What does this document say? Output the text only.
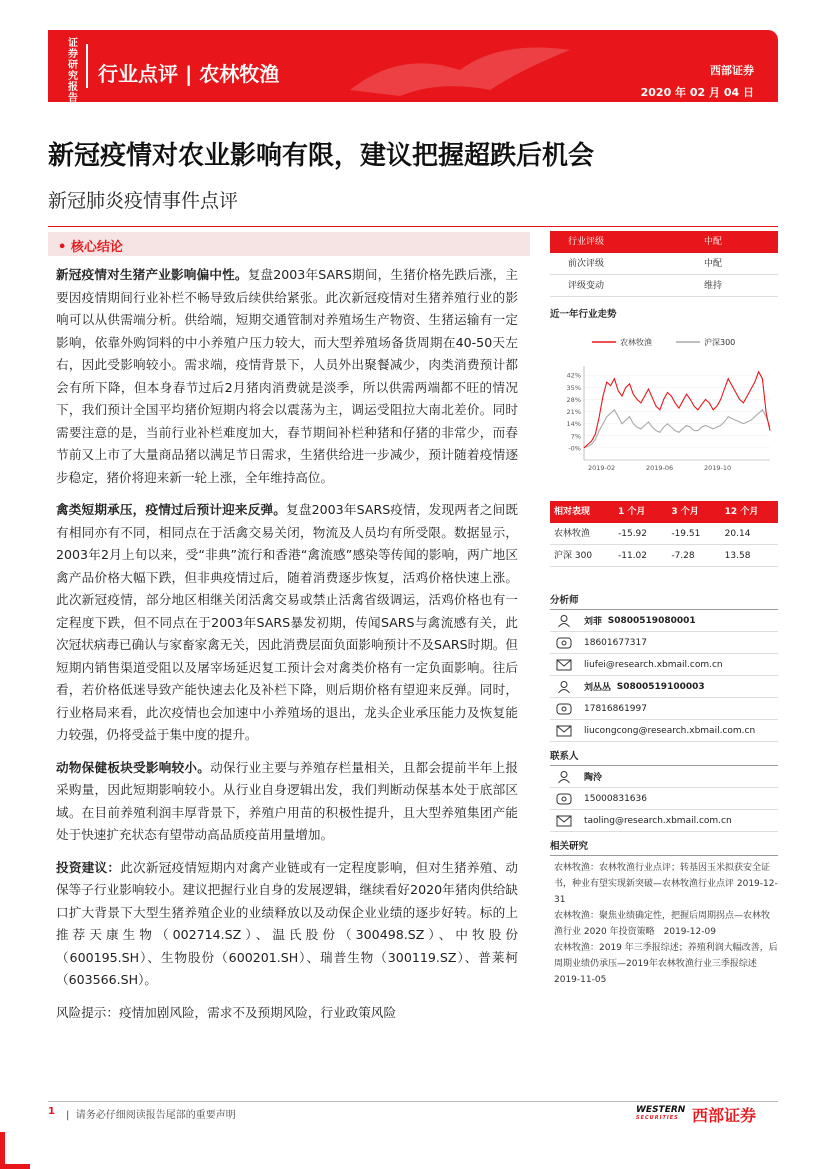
证券研究报告
行业点评 | 农林牧渔	西部证券
2020 年 02 月 04 日
新冠疫情对农业影响有限，建议把握超跌后机会
新冠肺炎疫情事件点评
• 核心结论

新冠疫情对生猪产业影响偏中性。复盘2003年SARS期间，生猪价格先跌后涨，主要因疫情期间行业补栏不畅导致后续供给紧张。此次新冠疫情对生猪养殖行业的影响可以从供需端分析。供给端，短期交通管制对养殖场生产物资、生猪运输有一定影响，依靠外购饲料的中小养殖户压力较大，而大型养殖场备货周期在40-50天左右，因此受影响较小。需求端，疫情背景下，人员外出聚餐减少，肉类消费预计都会有所下降，但本身春节过后2月猪肉消费就是淡季，所以供需两端都不旺的情况下，我们预计全国平均猪价短期内将会以震荡为主，调运受阻拉大南北差价。同时需要注意的是，当前行业补栏难度加大，春节期间补栏种猪和仔猪的非常少，而春节前又上市了大量商品猪以满足节日需求，生猪供给进一步减少，预计随着疫情逐步稳定，猪价将迎来新一轮上涨，全年维持高位。

禽类短期承压，疫情过后预计迎来反弹。复盘2003年SARS疫情，发现两者之间既有相同亦有不同，相同点在于活禽交易关闭，物流及人员均有所受限。数据显示，2003年2月上旬以来，受“非典”流行和香港“禽流感”感染等传闻的影响，两广地区禽产品价格大幅下跌，但非典疫情过后，随着消费逐步恢复，活鸡价格快速上涨。此次新冠疫情，部分地区相继关闭活禽交易或禁止活禽省级调运，活鸡价格也有一定程度下跌，但不同点在于2003年SARS暴发初期，传闻SARS与禽流感有关，此次冠状病毒已确认与家畜家禽无关，因此消费层面负面影响预计不及SARS时期。但短期内销售渠道受阻以及屠宰场延迟复工预计会对禽类价格有一定负面影响。往后看，若价格低迷导致产能快速去化及补栏下降，则后期价格有望迎来反弹。同时，行业格局来看，此次疫情也会加速中小养殖场的退出，龙头企业承压能力及恢复能力较强，仍将受益于集中度的提升。

动物保健板块受影响较小。动保行业主要与养殖存栏量相关，且都会提前半年上报采购量，因此短期影响较小。从行业自身逻辑出发，我们判断动保基本处于底部区域。在目前养殖利润丰厚背景下，养殖户用苗的积极性提升，且大型养殖集团产能处于快速扩充状态有望带动高品质疫苗用量增加。

投资建议：此次新冠疫情短期内对禽产业链或有一定程度影响，但对生猪养殖、动保等子行业影响较小。建议把握行业自身的发展逻辑，继续看好2020年猪肉供给缺口扩大背景下大型生猪养殖企业的业绩释放以及动保企业业绩的逐步好转。标的上推荐天康生物（002714.SZ）、温氏股份（300498.SZ）、中牧股份（600195.SH）、生物股份（600201.SH）、瑞普生物（300119.SZ）、普莱柯（603566.SH）。

风险提示：疫情加剧风险，需求不及预期风险，行业政策风险

行业评级	中配
前次评级	中配
评级变动	维持
近一年行业走势
农林牧渔	沪深300
42%
35%
28%
21%
14%
7%
-0%
2019-02	2019-06	2019-10
相对表现	1 个月	3 个月	12 个月
农林牧渔	-15.92	-19.51	20.14
沪深 300	-11.02	-7.28	13.58
分析师
刘菲
S0800519080001
18601677317
liufei@research.xbmail.com.cn
刘丛丛
S0800519100003
17816861997
liucongcong@research.xbmail.com.cn
联系人
陶泠
15000831636
taoling@research.xbmail.com.cn
相关研究
农林牧渔：农林牧渔行业点评；转基因玉米拟获安全证书，种业有望实现新突破—农林牧渔行业点评 2019-12-31
农林牧渔：聚焦业绩确定性，把握后周期拐点—农林牧渔行业 2020 年投资策略　2019-12-09
农林牧渔：2019 年三季报综述；养殖利润大幅改善，后周期业绩仍承压—2019年农林牧渔行业三季报综述　2019-11-05
1 |  请务必仔细阅读报告尾部的重要声明	WESTERN
SECURITIES 西部证券
